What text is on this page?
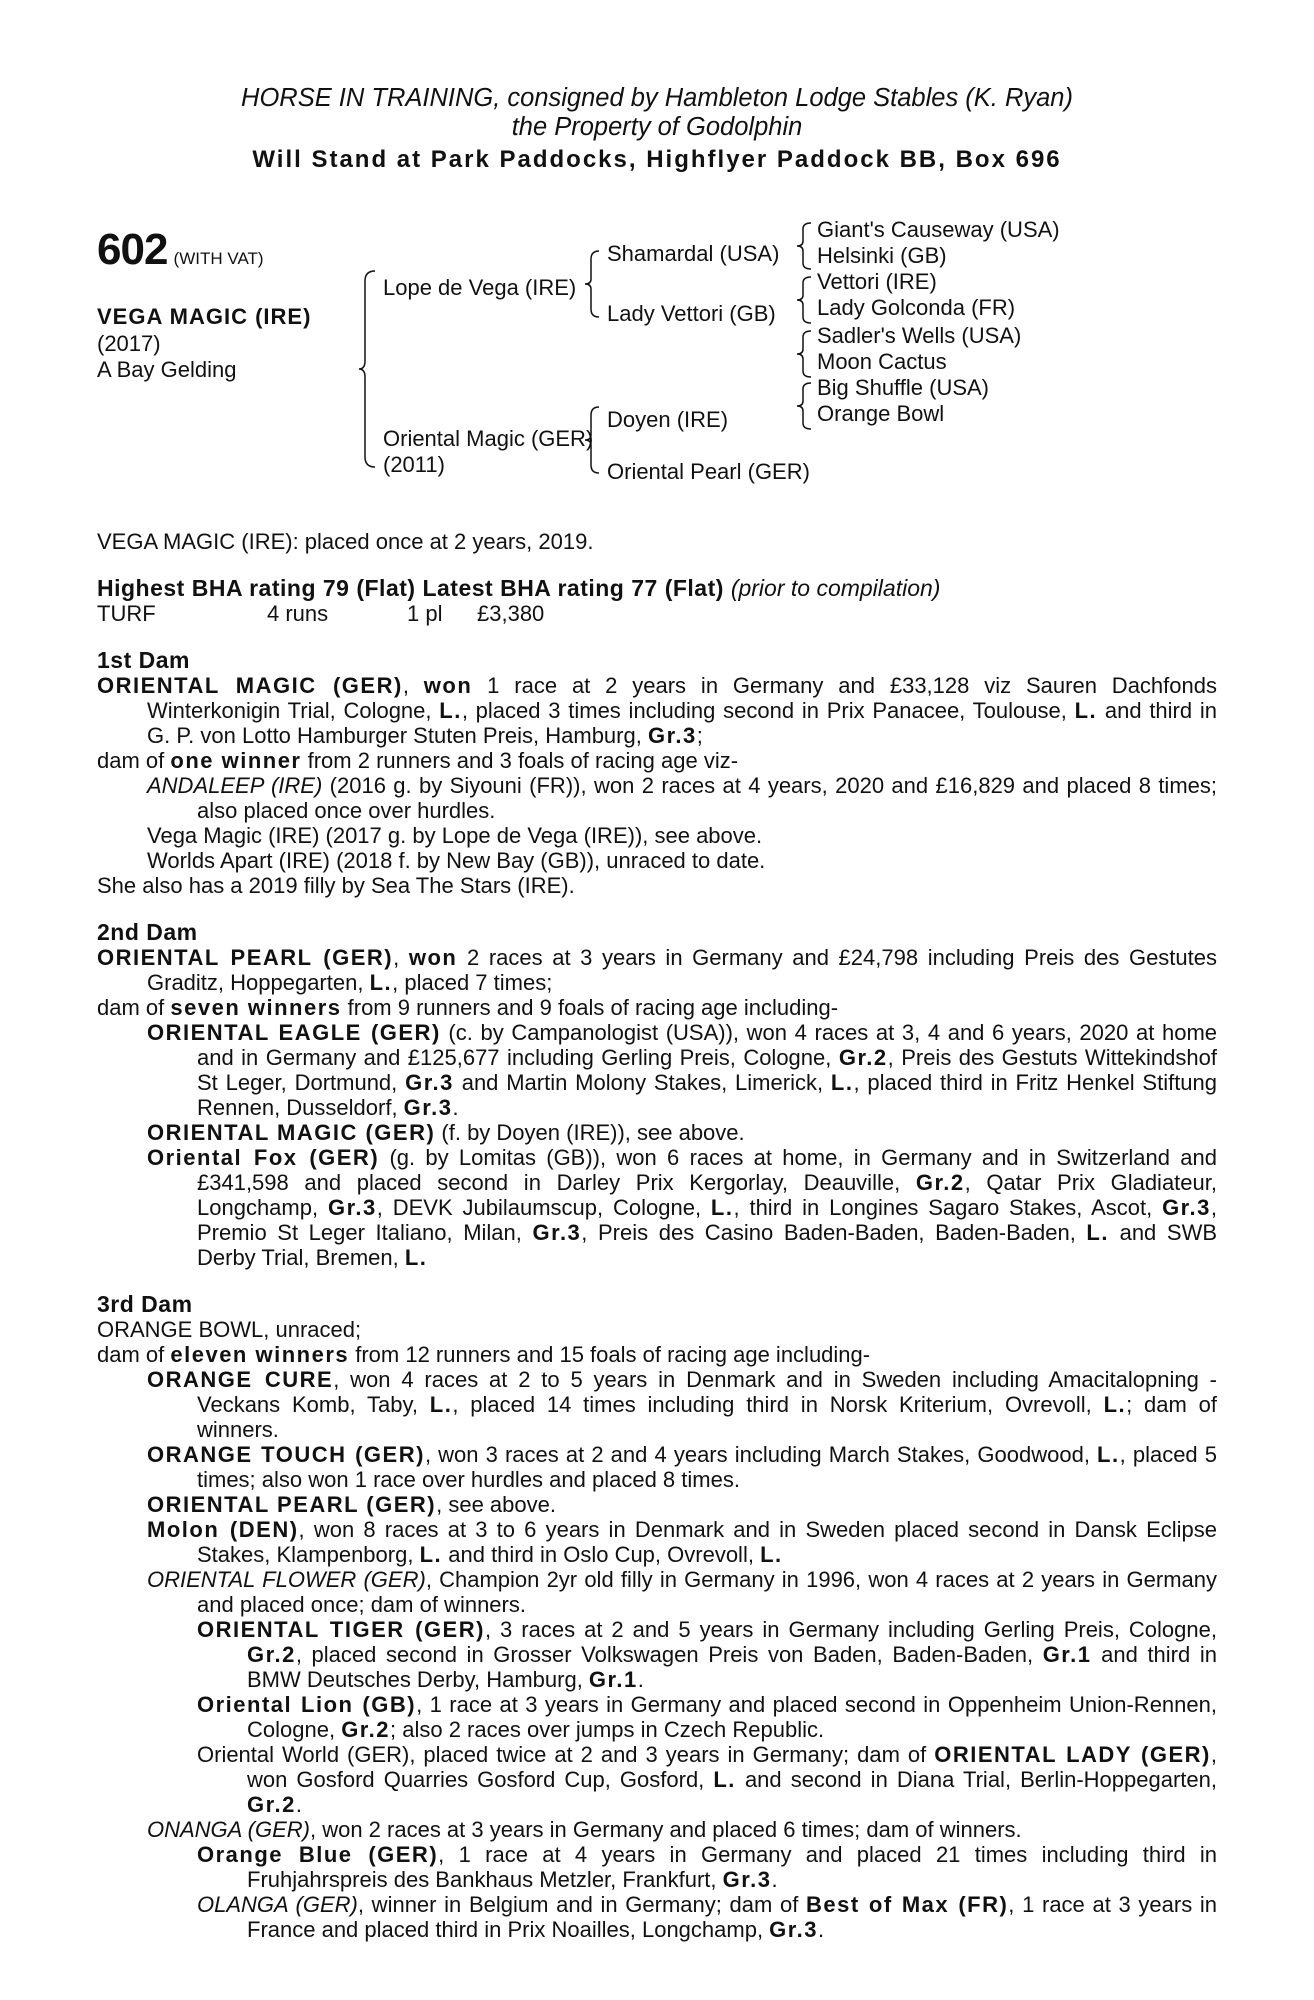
HORSE IN TRAINING, consigned by Hambleton Lodge Stables (K. Ryan)
the Property of Godolphin
Will Stand at Park Paddocks, Highflyer Paddock BB, Box 696
602 (WITH VAT)
VEGA MAGIC (IRE)
(2017)
A Bay Gelding
Lope de Vega (IRE)
Oriental Magic (GER)
(2011)
Shamardal (USA)
Lady Vettori (GB)
Doyen (IRE)
Oriental Pearl (GER)
Giant's Causeway (USA)
Helsinki (GB)
Vettori (IRE)
Lady Golconda (FR)
Sadler's Wells (USA)
Moon Cactus
Big Shuffle (USA)
Orange Bowl

VEGA MAGIC (IRE): placed once at 2 years, 2019.

Highest BHA rating 79 (Flat) Latest BHA rating 77 (Flat) (prior to compilation)

TURF	4 runs	1 pl	£3,380
1st Dam

ORIENTAL MAGIC (GER), won 1 race at 2 years in Germany and £33,128 viz Sauren Dachfonds Winterkonigin Trial, Cologne, L., placed 3 times including second in Prix Panacee, Toulouse, L. and third in G. P. von Lotto Hamburger Stuten Preis, Hamburg, Gr.3;

dam of one winner from 2 runners and 3 foals of racing age viz-

ANDALEEP (IRE) (2016 g. by Siyouni (FR)), won 2 races at 4 years, 2020 and £16,829 and placed 8 times; also placed once over hurdles.

Vega Magic (IRE) (2017 g. by Lope de Vega (IRE)), see above.

Worlds Apart (IRE) (2018 f. by New Bay (GB)), unraced to date.

She also has a 2019 filly by Sea The Stars (IRE).

2nd Dam

ORIENTAL PEARL (GER), won 2 races at 3 years in Germany and £24,798 including Preis des Gestutes Graditz, Hoppegarten, L., placed 7 times;

dam of seven winners from 9 runners and 9 foals of racing age including-

ORIENTAL EAGLE (GER) (c. by Campanologist (USA)), won 4 races at 3, 4 and 6 years, 2020 at home and in Germany and £125,677 including Gerling Preis, Cologne, Gr.2, Preis des Gestuts Wittekindshof St Leger, Dortmund, Gr.3 and Martin Molony Stakes, Limerick, L., placed third in Fritz Henkel Stiftung Rennen, Dusseldorf, Gr.3.

ORIENTAL MAGIC (GER) (f. by Doyen (IRE)), see above.

Oriental Fox (GER) (g. by Lomitas (GB)), won 6 races at home, in Germany and in Switzerland and £341,598 and placed second in Darley Prix Kergorlay, Deauville, Gr.2, Qatar Prix Gladiateur, Longchamp, Gr.3, DEVK Jubilaumscup, Cologne, L., third in Longines Sagaro Stakes, Ascot, Gr.3, Premio St Leger Italiano, Milan, Gr.3, Preis des Casino Baden-Baden, Baden-Baden, L. and SWB Derby Trial, Bremen, L.

3rd Dam

ORANGE BOWL, unraced;

dam of eleven winners from 12 runners and 15 foals of racing age including-

ORANGE CURE, won 4 races at 2 to 5 years in Denmark and in Sweden including Amacitalopning - Veckans Komb, Taby, L., placed 14 times including third in Norsk Kriterium, Ovrevoll, L.; dam of winners.

ORANGE TOUCH (GER), won 3 races at 2 and 4 years including March Stakes, Goodwood, L., placed 5 times; also won 1 race over hurdles and placed 8 times.

ORIENTAL PEARL (GER), see above.

Molon (DEN), won 8 races at 3 to 6 years in Denmark and in Sweden placed second in Dansk Eclipse Stakes, Klampenborg, L. and third in Oslo Cup, Ovrevoll, L.

ORIENTAL FLOWER (GER), Champion 2yr old filly in Germany in 1996, won 4 races at 2 years in Germany and placed once; dam of winners.

ORIENTAL TIGER (GER), 3 races at 2 and 5 years in Germany including Gerling Preis, Cologne, Gr.2, placed second in Grosser Volkswagen Preis von Baden, Baden-Baden, Gr.1 and third in BMW Deutsches Derby, Hamburg, Gr.1.

Oriental Lion (GB), 1 race at 3 years in Germany and placed second in Oppenheim Union-Rennen, Cologne, Gr.2; also 2 races over jumps in Czech Republic.

Oriental World (GER), placed twice at 2 and 3 years in Germany; dam of ORIENTAL LADY (GER), won Gosford Quarries Gosford Cup, Gosford, L. and second in Diana Trial, Berlin-Hoppegarten, Gr.2.

ONANGA (GER), won 2 races at 3 years in Germany and placed 6 times; dam of winners.

Orange Blue (GER), 1 race at 4 years in Germany and placed 21 times including third in Fruhjahrspreis des Bankhaus Metzler, Frankfurt, Gr.3.

OLANGA (GER), winner in Belgium and in Germany; dam of Best of Max (FR), 1 race at 3 years in France and placed third in Prix Noailles, Longchamp, Gr.3.
